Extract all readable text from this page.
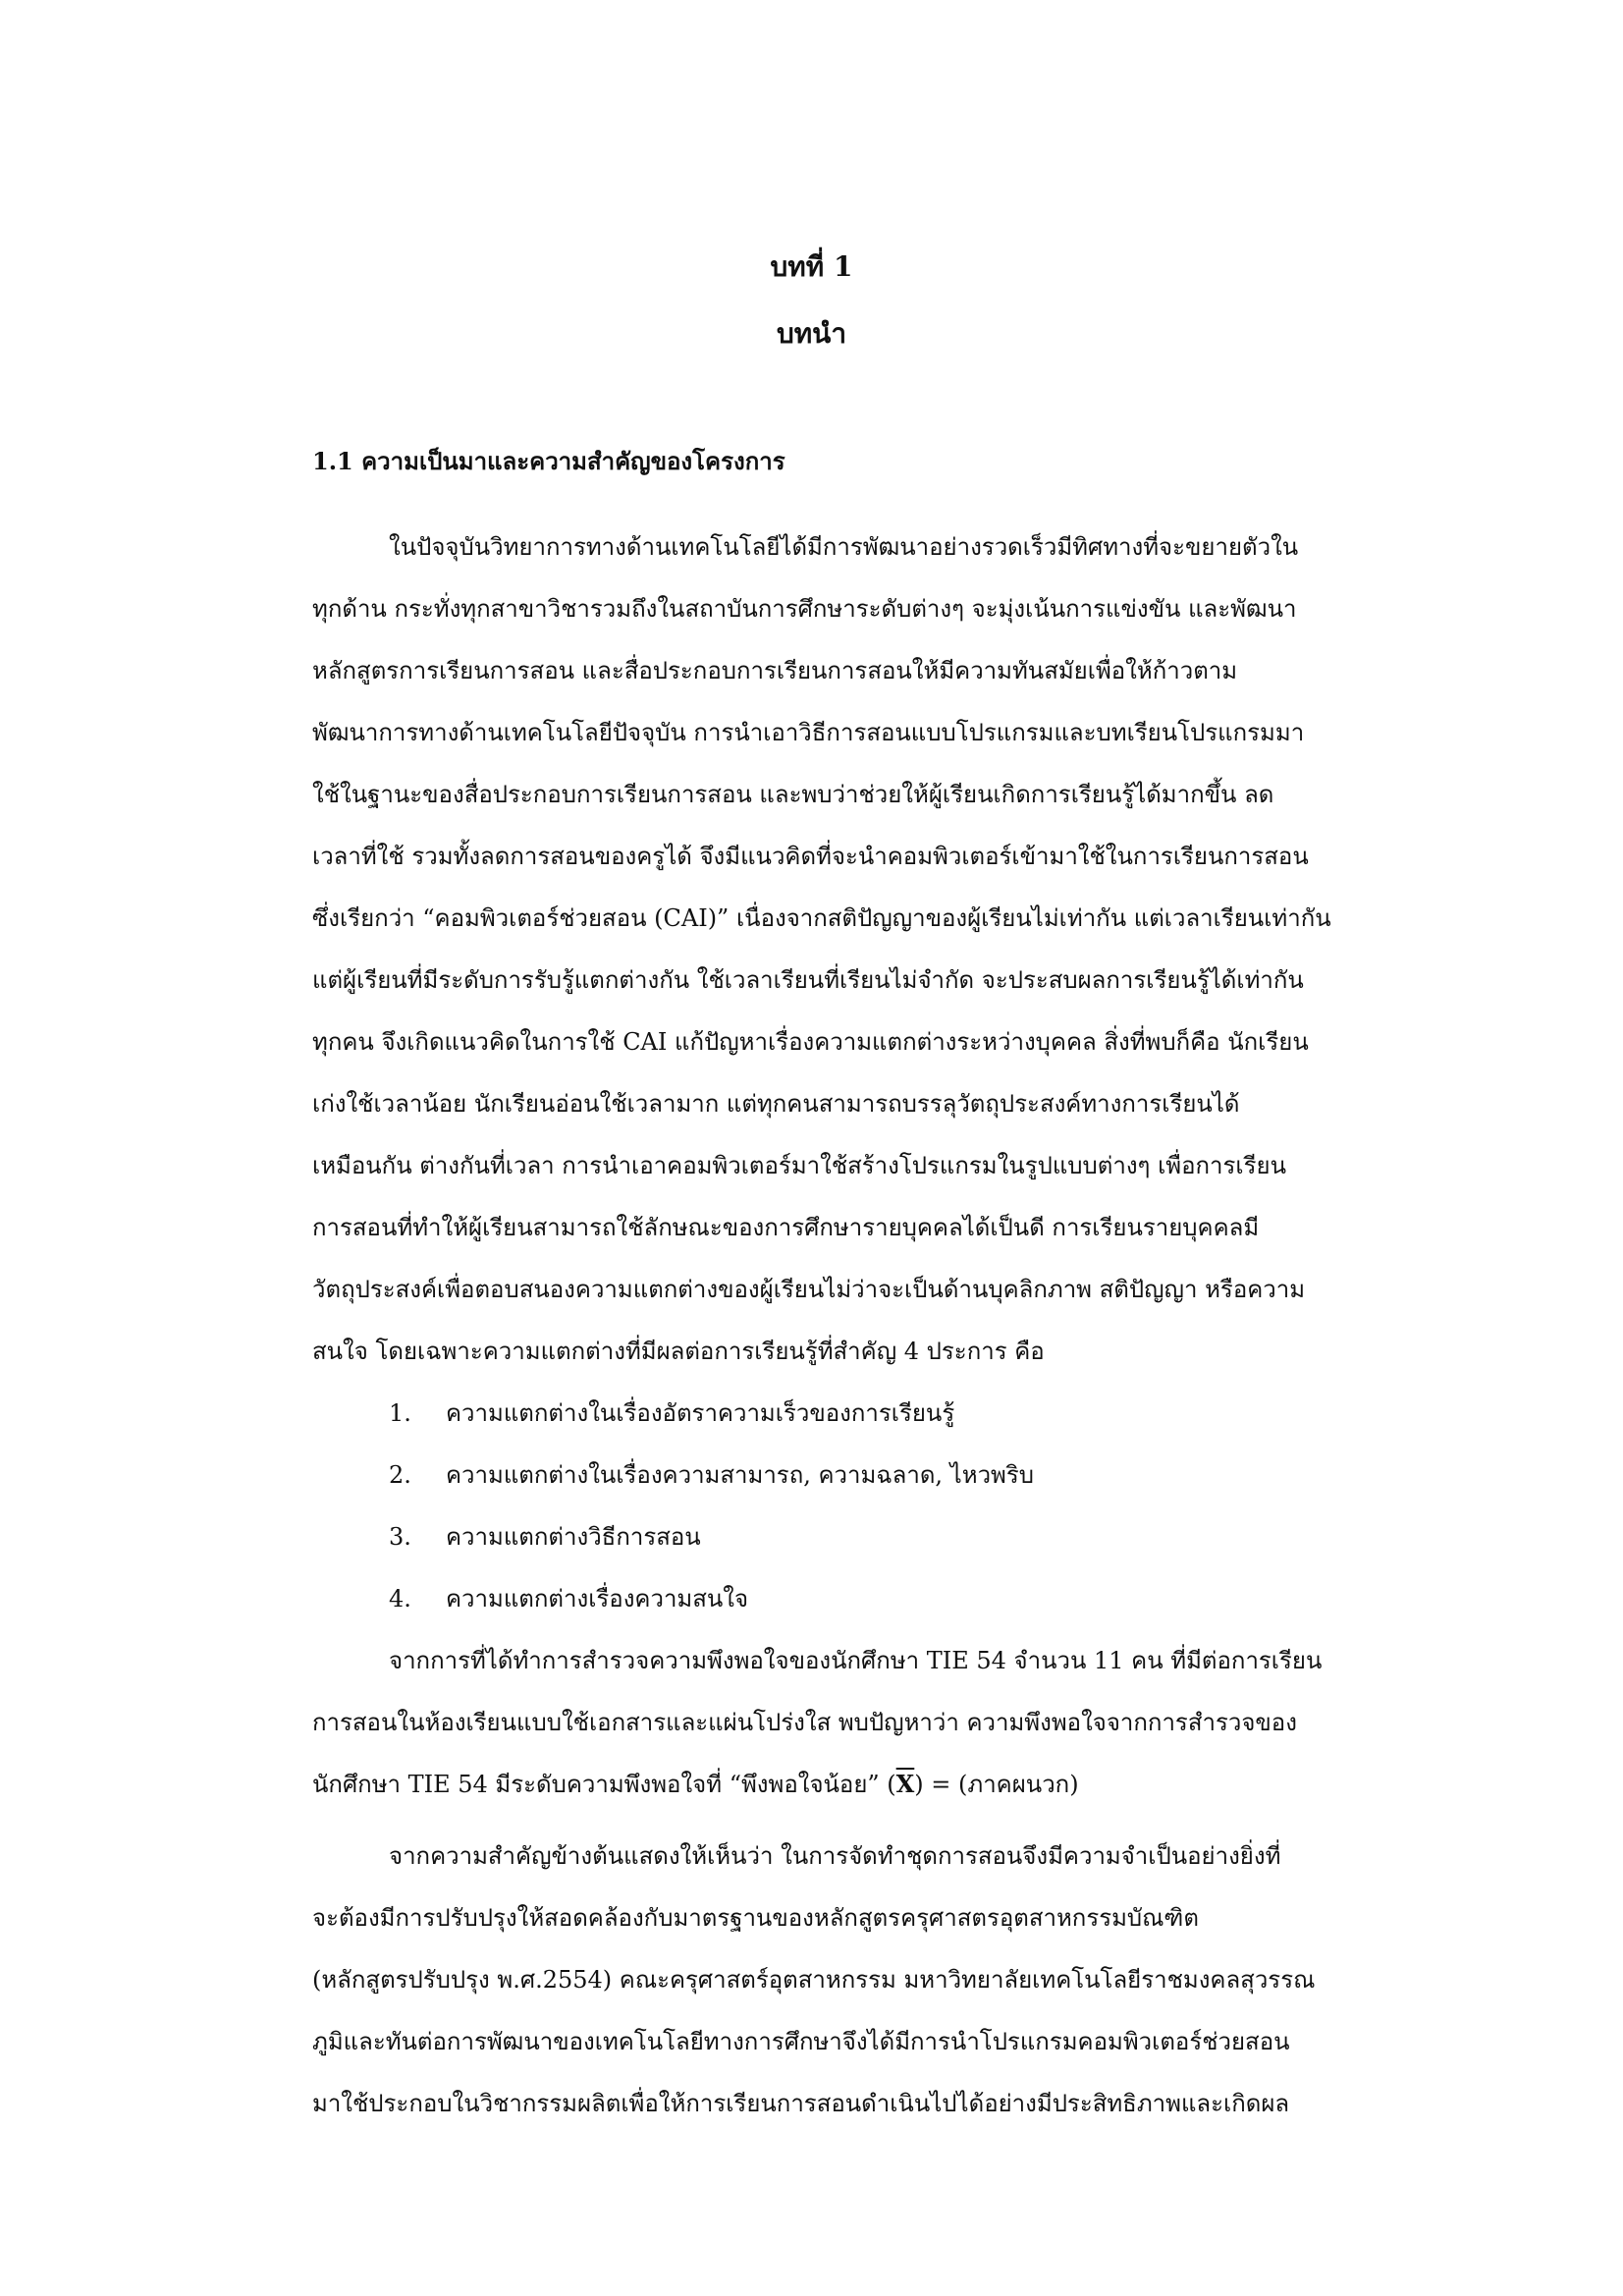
บทที่ 1
บทนำ
1.1 ความเป็นมาและความสำคัญของโครงการ
ในปัจจุบันวิทยาการทางด้านเทคโนโลยีได้มีการพัฒนาอย่างรวดเร็วมีทิศทางที่จะขยายตัวใน
ทุกด้าน กระทั่งทุกสาขาวิชารวมถึงในสถาบันการศึกษาระดับต่างๆ จะมุ่งเน้นการแข่งขัน และพัฒนา
หลักสูตรการเรียนการสอน และสื่อประกอบการเรียนการสอนให้มีความทันสมัยเพื่อให้ก้าวตาม
พัฒนาการทางด้านเทคโนโลยีปัจจุบัน การนำเอาวิธีการสอนแบบโปรแกรมและบทเรียนโปรแกรมมา
ใช้ในฐานะของสื่อประกอบการเรียนการสอน และพบว่าช่วยให้ผู้เรียนเกิดการเรียนรู้ได้มากขึ้น ลด
เวลาที่ใช้ รวมทั้งลดการสอนของครูได้ จึงมีแนวคิดที่จะนำคอมพิวเตอร์เข้ามาใช้ในการเรียนการสอน
ซึ่งเรียกว่า “คอมพิวเตอร์ช่วยสอน (CAI)” เนื่องจากสติปัญญาของผู้เรียนไม่เท่ากัน แต่เวลาเรียนเท่ากัน
แต่ผู้เรียนที่มีระดับการรับรู้แตกต่างกัน ใช้เวลาเรียนที่เรียนไม่จำกัด จะประสบผลการเรียนรู้ได้เท่ากัน
ทุกคน จึงเกิดแนวคิดในการใช้ CAI แก้ปัญหาเรื่องความแตกต่างระหว่างบุคคล สิ่งที่พบก็คือ นักเรียน
เก่งใช้เวลาน้อย นักเรียนอ่อนใช้เวลามาก แต่ทุกคนสามารถบรรลุวัตถุประสงค์ทางการเรียนได้
เหมือนกัน ต่างกันที่เวลา การนำเอาคอมพิวเตอร์มาใช้สร้างโปรแกรมในรูปแบบต่างๆ เพื่อการเรียน
การสอนที่ทำให้ผู้เรียนสามารถใช้ลักษณะของการศึกษารายบุคคลได้เป็นดี การเรียนรายบุคคลมี
วัตถุประสงค์เพื่อตอบสนองความแตกต่างของผู้เรียนไม่ว่าจะเป็นด้านบุคลิกภาพ สติปัญญา หรือความ
สนใจ โดยเฉพาะความแตกต่างที่มีผลต่อการเรียนรู้ที่สำคัญ 4 ประการ คือ
1. ความแตกต่างในเรื่องอัตราความเร็วของการเรียนรู้
2. ความแตกต่างในเรื่องความสามารถ, ความฉลาด, ไหวพริบ
3. ความแตกต่างวิธีการสอน
4. ความแตกต่างเรื่องความสนใจ
จากการที่ได้ทำการสำรวจความพึงพอใจของนักศึกษา TIE 54 จำนวน 11 คน ที่มีต่อการเรียน
การสอนในห้องเรียนแบบใช้เอกสารและแผ่นโปร่งใส พบปัญหาว่า ความพึงพอใจจากการสำรวจของ
นักศึกษา TIE 54 มีระดับความพึงพอใจที่ “พึงพอใจน้อย” $(\overline{X})$ = (ภาคผนวก)
จากความสำคัญข้างต้นแสดงให้เห็นว่า ในการจัดทำชุดการสอนจึงมีความจำเป็นอย่างยิ่งที่
จะต้องมีการปรับปรุงให้สอดคล้องกับมาตรฐานของหลักสูตรครุศาสตรอุตสาหกรรมบัณฑิต
(หลักสูตรปรับปรุง พ.ศ.2554) คณะครุศาสตร์อุตสาหกรรม มหาวิทยาลัยเทคโนโลยีราชมงคลสุวรรณ
ภูมิและทันต่อการพัฒนาของเทคโนโลยีทางการศึกษาจึงได้มีการนำโปรแกรมคอมพิวเตอร์ช่วยสอน
มาใช้ประกอบในวิชากรรมผลิตเพื่อให้การเรียนการสอนดำเนินไปได้อย่างมีประสิทธิภาพและเกิดผล
